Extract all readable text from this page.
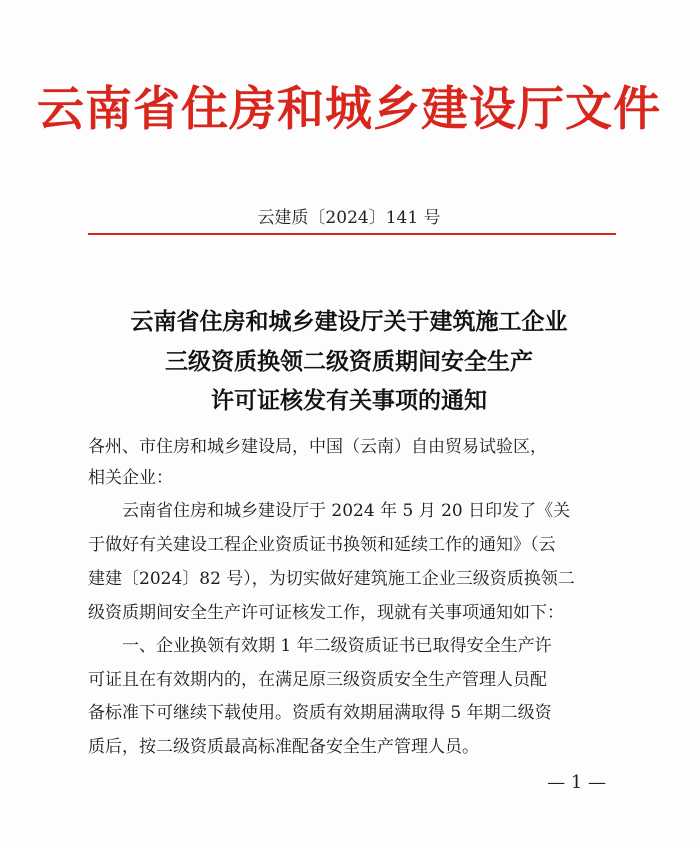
云南省住房和城乡建设厅文件
云建质〔2024〕141 号
云南省住房和城乡建设厅关于建筑施工企业
三级资质换领二级资质期间安全生产
许可证核发有关事项的通知
各州、市住房和城乡建设局，中国（云南）自由贸易试验区，
相关企业：
云南省住房和城乡建设厅于 2024 年 5 月 20 日印发了《关
于做好有关建设工程企业资质证书换领和延续工作的通知》（云
建建〔2024〕82 号），为切实做好建筑施工企业三级资质换领二
级资质期间安全生产许可证核发工作，现就有关事项通知如下：
一、企业换领有效期 1 年二级资质证书已取得安全生产许
可证且在有效期内的，在满足原三级资质安全生产管理人员配
备标准下可继续下载使用。资质有效期届满取得 5 年期二级资
质后，按二级资质最高标准配备安全生产管理人员。
— 1 —
